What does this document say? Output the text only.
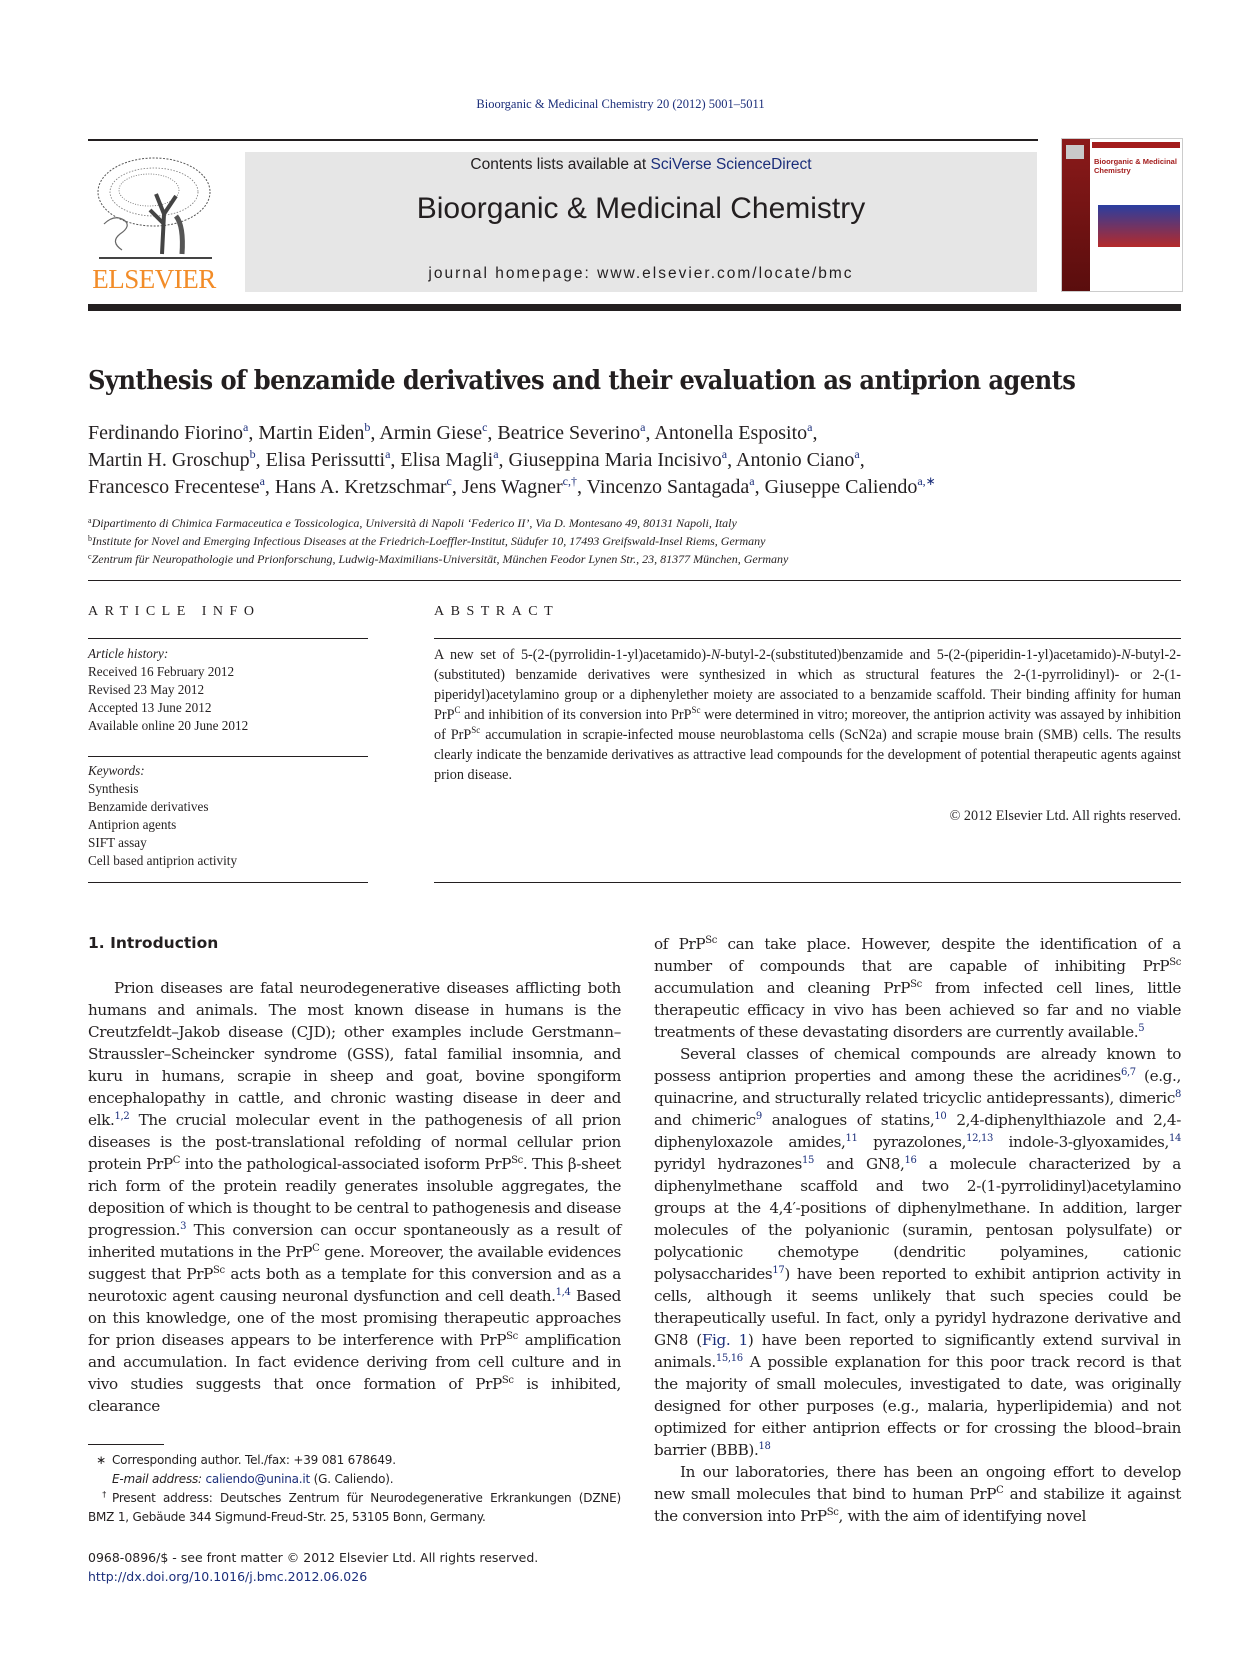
Bioorganic & Medicinal Chemistry 20 (2012) 5001–5011
ELSEVIER
Contents lists available at SciVerse ScienceDirect
Bioorganic & Medicinal Chemistry
journal homepage: www.elsevier.com/locate/bmc
Bioorganic & Medicinal Chemistry
Synthesis of benzamide derivatives and their evaluation as antiprion agents
Ferdinando Fiorino$^a$, Martin Eiden$^b$, Armin Giese$^c$, Beatrice Severino$^a$, Antonella Esposito$^a$,
Martin H. Groschup$^b$, Elisa Perissutti$^a$, Elisa Magli$^a$, Giuseppina Maria Incisivo$^a$, Antonio Ciano$^a$,
Francesco Frecentese$^a$, Hans A. Kretzschmar$^c$, Jens Wagner$^{c,\dagger}$, Vincenzo Santagada$^a$, Giuseppe Caliendo$^{a,∗}$
$^a$Dipartimento di Chimica Farmaceutica e Tossicologica, Università di Napoli ‘Federico II’, Via D. Montesano 49, 80131 Napoli, Italy
$^b$Institute for Novel and Emerging Infectious Diseases at the Friedrich-Loeffler-Institut, Südufer 10, 17493 Greifswald-Insel Riems, Germany
$^c$Zentrum für Neuropathologie und Prionforschung, Ludwig-Maximilians-Universität, München Feodor Lynen Str., 23, 81377 München, Germany
ARTICLE INFO
Article history:
Received 16 February 2012
Revised 23 May 2012
Accepted 13 June 2012
Available online 20 June 2012
Keywords:
Synthesis
Benzamide derivatives
Antiprion agents
SIFT assay
Cell based antiprion activity
ABSTRACT
A new set of 5-(2-(pyrrolidin-1-yl)acetamido)-N-butyl-2-(substituted)benzamide and 5-(2-(piperidin-1-yl)acetamido)-N-butyl-2-(substituted) benzamide derivatives were synthesized in which as structural features the 2-(1-pyrrolidinyl)- or 2-(1-piperidyl)acetylamino group or a diphenylether moiety are associated to a benzamide scaffold. Their binding affinity for human PrP$^C$ and inhibition of its conversion into PrP$^{Sc}$ were determined in vitro; moreover, the antiprion activity was assayed by inhibition of PrP$^{Sc}$ accumulation in scrapie-infected mouse neuroblastoma cells (ScN2a) and scrapie mouse brain (SMB) cells. The results clearly indicate the benzamide derivatives as attractive lead compounds for the development of potential therapeutic agents against prion disease.
© 2012 Elsevier Ltd. All rights reserved.
1. Introduction

Prion diseases are fatal neurodegenerative diseases afflicting both humans and animals. The most known disease in humans is the Creutzfeldt–Jakob disease (CJD); other examples include Gerstmann–Straussler–Scheincker syndrome (GSS), fatal familial insomnia, and kuru in humans, scrapie in sheep and goat, bovine spongiform encephalopathy in cattle, and chronic wasting disease in deer and elk.$^{1,2}$ The crucial molecular event in the pathogenesis of all prion diseases is the post-translational refolding of normal cellular prion protein PrP$^C$ into the pathological-associated isoform PrP$^{Sc}$. This β-sheet rich form of the protein readily generates insoluble aggregates, the deposition of which is thought to be central to pathogenesis and disease progression.$^3$ This conversion can occur spontaneously as a result of inherited mutations in the PrP$^C$ gene. Moreover, the available evidences suggest that PrP$^{Sc}$ acts both as a template for this conversion and as a neurotoxic agent causing neuronal dysfunction and cell death.$^{1,4}$ Based on this knowledge, one of the most promising therapeutic approaches for prion diseases appears to be interference with PrP$^{Sc}$ amplification and accumulation. In fact evidence deriving from cell culture and in vivo studies suggests that once formation of PrP$^{Sc}$ is inhibited, clearance

of PrP$^{Sc}$ can take place. However, despite the identification of a number of compounds that are capable of inhibiting PrP$^{Sc}$ accumulation and cleaning PrP$^{Sc}$ from infected cell lines, little therapeutic efficacy in vivo has been achieved so far and no viable treatments of these devastating disorders are currently available.$^5$

Several classes of chemical compounds are already known to possess antiprion properties and among these the acridines$^{6,7}$ (e.g., quinacrine, and structurally related tricyclic antidepressants), dimeric$^8$ and chimeric$^9$ analogues of statins,$^{10}$ 2,4-diphenylthiazole and 2,4-diphenyloxazole amides,$^{11}$ pyrazolones,$^{12,13}$ indole-3-glyoxamides,$^{14}$ pyridyl hydrazones$^{15}$ and GN8,16 a molecule characterized by a diphenylmethane scaffold and two 2-(1-pyrrolidinyl)acetylamino groups at the 4,4′-positions of diphenylmethane. In addition, larger molecules of the polyanionic (suramin, pentosan polysulfate) or polycationic chemotype (dendritic polyamines, cationic polysaccharides$^{17}$) have been reported to exhibit antiprion activity in cells, although it seems unlikely that such species could be therapeutically useful. In fact, only a pyridyl hydrazone derivative and GN8 (Fig. 1) have been reported to significantly extend survival in animals.$^{15,16}$ A possible explanation for this poor track record is that the majority of small molecules, investigated to date, was originally designed for other purposes (e.g., malaria, hyperlipidemia) and not optimized for either antiprion effects or for crossing the blood–brain barrier (BBB).$^{18}$

In our laboratories, there has been an ongoing effort to develop new small molecules that bind to human PrP$^C$ and stabilize it against the conversion into PrP$^{Sc}$, with the aim of identifying novel

∗ Corresponding author. Tel./fax: +39 081 678649.

E-mail address: caliendo@unina.it (G. Caliendo).

† Present address: Deutsches Zentrum für Neurodegenerative Erkrankungen (DZNE) BMZ 1, Gebäude 344 Sigmund-Freud-Str. 25, 53105 Bonn, Germany.

0968-0896/$ - see front matter © 2012 Elsevier Ltd. All rights reserved.
http://dx.doi.org/10.1016/j.bmc.2012.06.026
